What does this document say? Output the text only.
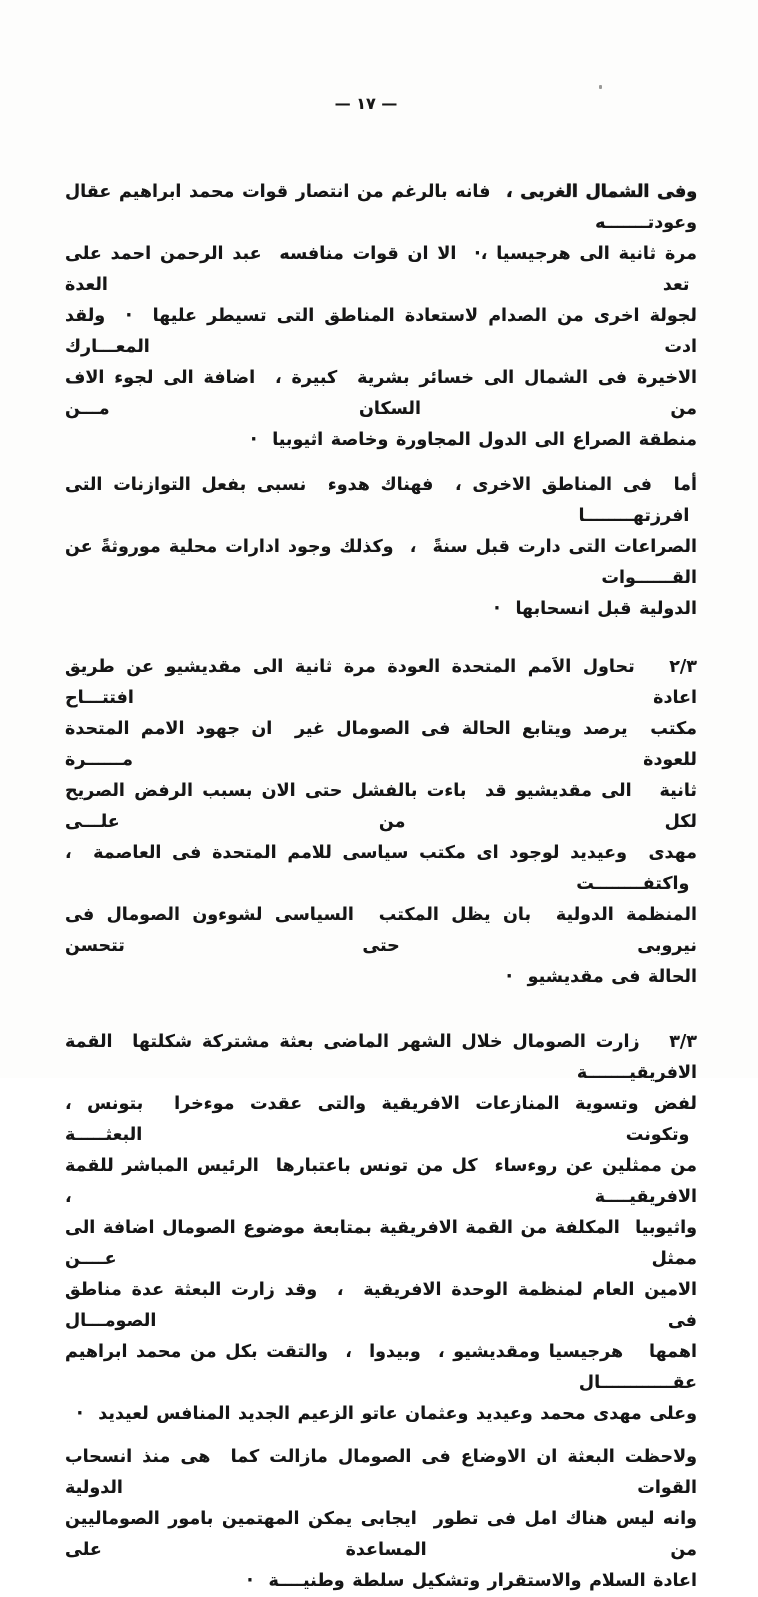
— ١٧ —
وفى الشمال الغربى ،  فانه بالرغم من انتصار قوات محمد ابراهيم عقال وعودتـــــــه
مرة ثانية الى هرجيسيا ،·  الا ان قوات منافسه  عبد الرحمن احمد على  تعد العدة
لجولة اخرى من الصدام لاستعادة المناطق التى تسيطر عليها  ·  ولقد ادت المعـــارك
الاخيرة فى الشمال الى خسائر بشرية  كبيرة ،  اضافة الى لجوء الاف من السكان مـــن
منطقة الصراع الى الدول المجاورة وخاصة اثيوبيا  ·
أما  فى المناطق الاخرى ،  فهناك هدوء  نسبى بفعل التوازنات التى  افرزتهــــــــا
الصراعات التى دارت قبل سنةً  ،  وكذلك وجود ادارات محلية موروثةً عن القــــــوات
الدولية قبل انسحابها  ·
٢/٣   تحاول الاَمم المتحدة العودة مرة ثانية الى مقديشيو عن طريق اعادة افتتـــاح
مكتب  يرصد ويتابع الحالة فى الصومال غير  ان جهود الامم المتحدة للعودة مــــــرة
ثانية   الى مقديشيو قد  باءت بالفشل حتى الان بسبب الرفض الصريح لكل من علـــى
مهدى  وعيديد لوجود اى مكتب سياسى للامم المتحدة فى العاصمة  ،  واكتفــــــــت
المنظمة الدولية  بان يظل المكتب  السياسى لشوءون الصومال فى نيروبى حتى تتحسن
الحالة فى مقديشيو  ·
٣/٣   زارت الصومال خلال الشهر الماضى بعثة مشتركة شكلتها  القمة الافريقيـــــــة
لفض وتسوية المنازعات الافريقية والتى عقدت موءخرا  بتونس ،  وتكونت البعثـــــة
من ممثلين عن روءساء  كل من تونس باعتبارها  الرئيس المباشر للقمة الافريقيــــة ،
واثيوبيا  المكلفة من القمة الافريقية بمتابعة موضوع الصومال اضافة الى ممثل عــــن
الامين العام لمنظمة الوحدة الافريقية  ،  وقد زارت البعثة عدة مناطق فى الصومـــال
اهمها   هرجيسيا ومقديشيو ،  وبيدوا  ،  والتقت بكل من محمد ابراهيم عقــــــــــــال
وعلى مهدى محمد وعيديد وعثمان عاتو الزعيم الجديد المنافس لعيديد  ·
ولاحظت البعثة ان الاوضاع فى الصومال مازالت كما  هى منذ انسحاب القوات الدولية
وانه ليس هناك امل فى تطور  ايجابى يمكن المهتمين بامور الصوماليين من المساعدة على
اعادة السلام والاستقرار وتشكيل سلطة وطنيــــة  ·
